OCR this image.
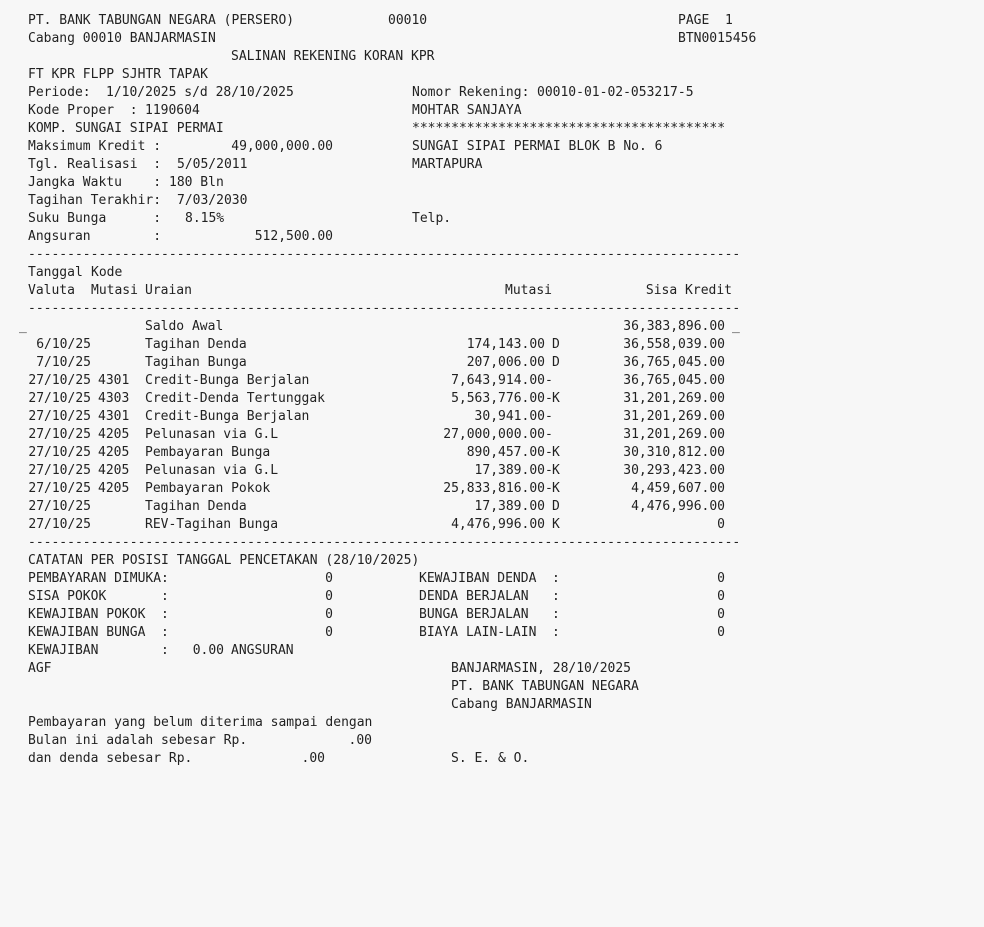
PT. BANK TABUNGAN NEGARA (PERSERO)	00010	PAGE  1
Cabang 00010 BANJARMASIN	BTN0015456
SALINAN REKENING KORAN KPR
FT KPR FLPP SJHTR TAPAK
Periode: 1/10/2025 s/d 28/10/2025	Nomor Rekening: 00010-01-02-053217-5
Kode Proper  : 1190604	MOHTAR SANJAYA
KOMP. SUNGAI SIPAI PERMAI	****************************************
Maksimum Kredit :	49,000,000.00	SUNGAI SIPAI PERMAI BLOK B No. 6
Tgl. Realisasi  : 5/05/2011	MARTAPURA
Jangka Waktu    : 180 Bln
Tagihan Terakhir: 7/03/2030
Suku Bunga      : 8.15%	Telp.
Angsuran        :	512,500.00
-------------------------------------------------------------------------------------------
Tanggal Kode
Valuta Mutasi Uraian	Mutasi	Sisa Kredit
-------------------------------------------------------------------------------------------
_	Saldo Awal	36,383,896.00 _
6/10/25	Tagihan Denda	174,143.00 D	36,558,039.00
7/10/25	Tagihan Bunga	207,006.00 D	36,765,045.00
27/10/25 4301 Credit-Bunga Berjalan	7,643,914.00 -	36,765,045.00
27/10/25 4303 Credit-Denda Tertunggak	5,563,776.00 - K	31,201,269.00
27/10/25 4301 Credit-Bunga Berjalan	30,941.00 -	31,201,269.00
27/10/25 4205 Pelunasan via G.L	27,000,000.00 -	31,201,269.00
27/10/25 4205 Pembayaran Bunga	890,457.00 - K	30,310,812.00
27/10/25 4205 Pelunasan via G.L	17,389.00 - K	30,293,423.00
27/10/25 4205 Pembayaran Pokok	25,833,816.00 - K	4,459,607.00
27/10/25	Tagihan Denda	17,389.00 D	4,476,996.00
27/10/25	REV-Tagihan Bunga	4,476,996.00 K	0
-------------------------------------------------------------------------------------------
CATATAN PER POSISI TANGGAL PENCETAKAN (28/10/2025)
PEMBAYARAN DIMUKA:	0	KEWAJIBAN DENDA  :	0
SISA POKOK       :	0	DENDA BERJALAN   :	0
KEWAJIBAN POKOK  :	0	BUNGA BERJALAN   :	0
KEWAJIBAN BUNGA  :	0	BIAYA LAIN-LAIN  :	0
KEWAJIBAN        :	0.00 ANGSURAN
AGF	BANJARMASIN, 28/10/2025
PT. BANK TABUNGAN NEGARA
Cabang BANJARMASIN
Pembayaran yang belum diterima sampai dengan
Bulan ini adalah sebesar Rp.	.00
dan denda sebesar Rp.	.00	S. E. & O.
